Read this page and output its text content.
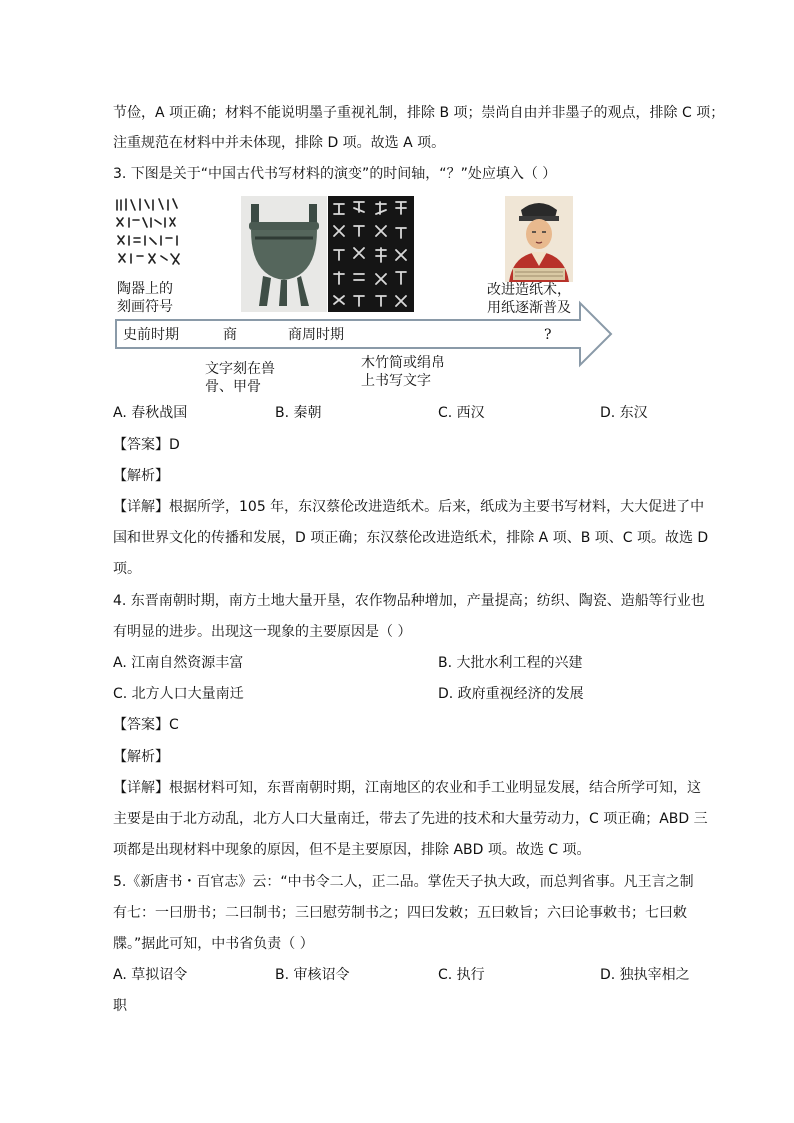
节俭，A 项正确；材料不能说明墨子重视礼制，排除 B 项；崇尚自由并非墨子的观点，排除 C 项；
注重规范在材料中并未体现，排除 D 项。故选 A 项。
3. 下图是关于“中国古代书写材料的演变”的时间轴，“？”处应填入（ ）
陶器上的
刻画符号
改进造纸术，
用纸逐渐普及
史前时期	商	商周时期	?
文字刻在兽
骨、甲骨
木竹简或绢帛
上书写文字
A. 春秋战国	B. 秦朝	C. 西汉	D. 东汉
【答案】D
【解析】
【详解】根据所学，105 年，东汉蔡伦改进造纸术。后来，纸成为主要书写材料，大大促进了中
国和世界文化的传播和发展，D 项正确；东汉蔡伦改进造纸术，排除 A 项、B 项、C 项。故选 D
项。
4. 东晋南朝时期，南方土地大量开垦，农作物品种增加，产量提高；纺织、陶瓷、造船等行业也
有明显的进步。出现这一现象的主要原因是（ ）
A. 江南自然资源丰富	B. 大批水利工程的兴建
C. 北方人口大量南迁	D. 政府重视经济的发展
【答案】C
【解析】
【详解】根据材料可知，东晋南朝时期，江南地区的农业和手工业明显发展，结合所学可知，这
主要是由于北方动乱，北方人口大量南迁，带去了先进的技术和大量劳动力，C 项正确；ABD 三
项都是出现材料中现象的原因，但不是主要原因，排除 ABD 项。故选 C 项。
5.《新唐书・百官志》云：“中书令二人，正二品。掌佐天子执大政，而总判省事。凡王言之制
有七：一曰册书；二曰制书；三曰慰劳制书之；四曰发敕；五曰敕旨；六曰论事敕书；七曰敕
牒。”据此可知，中书省负责（ ）
A. 草拟诏令	B. 审核诏令	C. 执行	D. 独执宰相之
职
